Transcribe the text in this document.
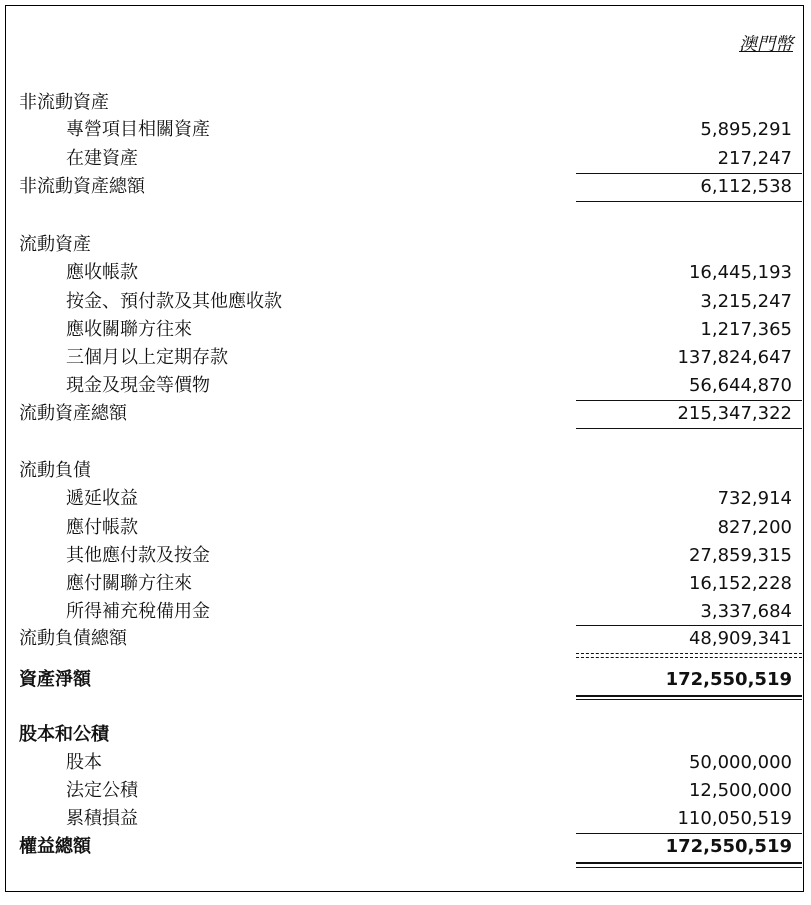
澳門幣
非流動資產
專營項目相關資產	5,895,291
在建資產	217,247
非流動資產總額	6,112,538
流動資產
應收帳款	16,445,193
按金、預付款及其他應收款	3,215,247
應收關聯方往來	1,217,365
三個月以上定期存款	137,824,647
現金及現金等價物	56,644,870
流動資產總額	215,347,322
流動負債
遞延收益	732,914
應付帳款	827,200
其他應付款及按金	27,859,315
應付關聯方往來	16,152,228
所得補充稅備用金	3,337,684
流動負債總額	48,909,341
資產淨額	172,550,519
股本和公積
股本	50,000,000
法定公積	12,500,000
累積損益	110,050,519
權益總額	172,550,519
